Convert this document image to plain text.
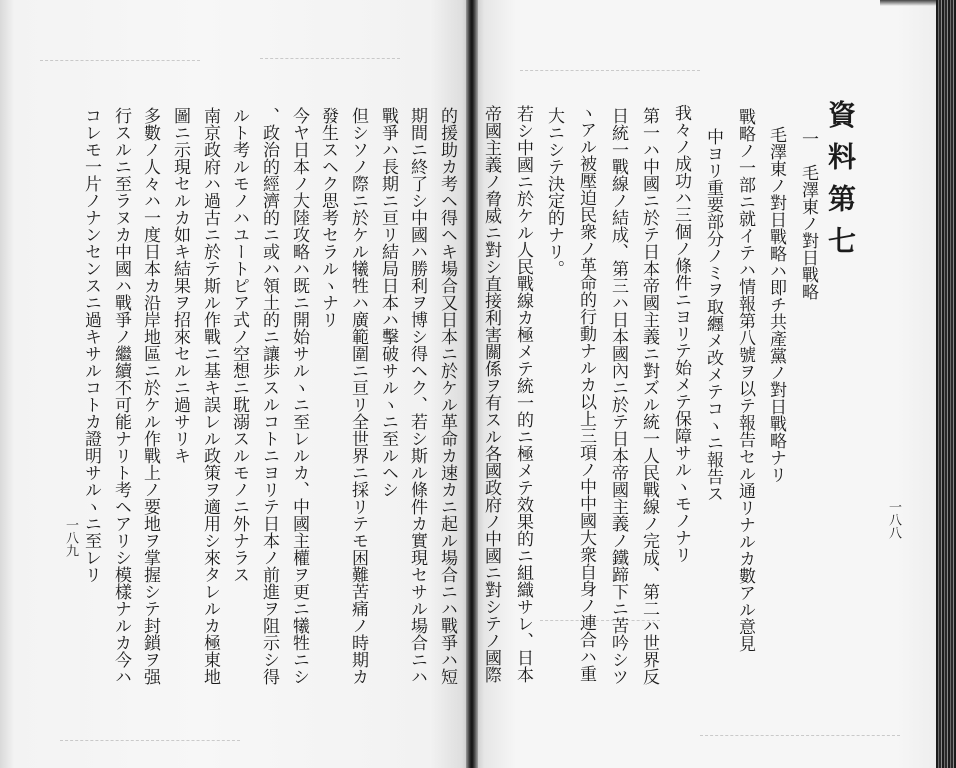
資料第七
一　毛澤東ノ對日戰略
毛澤東ノ對日戰略ハ即チ共產黨ノ對日戰略ナリ
戰略ノ一部ニ就イテハ情報第八號ヲ以テ報告セル通リナルカ數アル意見
中ヨリ重要部分ノミヲ取纒メ改メテコヽニ報告ス
我々ノ成功ハ三個ノ條件ニヨリテ始メテ保障サルヽモノナリ
第一ハ中國ニ於テ日本帝國主義ニ對ズル統一人民戰線ノ完成、第二ハ世界反
日統一戰線ノ結成、第三ハ日本國內ニ於テ日本帝國主義ノ鐵蹄下ニ苦吟シツ
ヽアル被壓迫民衆ノ革命的行動ナルカ以上三項ノ中中國大衆自身ノ連合ハ重
大ニシテ決定的ナリ。
若シ中國ニ於ケル人民戰線カ極メテ統一的ニ極メテ效果的ニ組織サレ、日本
帝國主義ノ脅威ニ對シ直接利害關係ヲ有スル各國政府ノ中國ニ對シテノ國際	一八八
的援助カ考ヘ得ヘキ場合又日本ニ於ケル革命カ速カニ起ル場合ニハ戰爭ハ短
期間ニ終了シ中國ハ勝利ヲ博シ得ヘク、若シ斯ル條件カ實現セサル場合ニハ
戰爭ハ長期ニ亘リ結局日本ハ擊破サルヽニ至ルヘシ
但シソノ際ニ於ケル犧牲ハ廣範圍ニ亘リ全世界ニ採リテモ困難苦痛ノ時期カ
發生スヘク思考セラルヽナリ
今ヤ日本ノ大陸攻略ハ既ニ開始サルヽニ至レルカ、中國主權ヲ更ニ犧牲ニシ
、政治的經濟的ニ或ハ領土的ニ讓歩スルコトニヨリテ日本ノ前進ヲ阻示シ得
ルト考ルモノハユートピア式ノ空想ニ耽溺スルモノニ外ナラス
南京政府ハ過古ニ於テ斯ル作戰ニ基キ誤レル政策ヲ適用シ來タレルカ極東地
圖ニ示現セルカ如キ結果ヲ招來セルニ過サリキ
多數ノ人々ハ一度日本カ沿岸地區ニ於ケル作戰上ノ要地ヲ掌握シテ封鎖ヲ强
行スルニ至ラヌカ中國ハ戰爭ノ繼續不可能ナリト考ヘアリシ模樣ナルカ今ハ
コレモ一片ノナンセンスニ過キサルコトカ證明サルヽニ至レリ
一八九
